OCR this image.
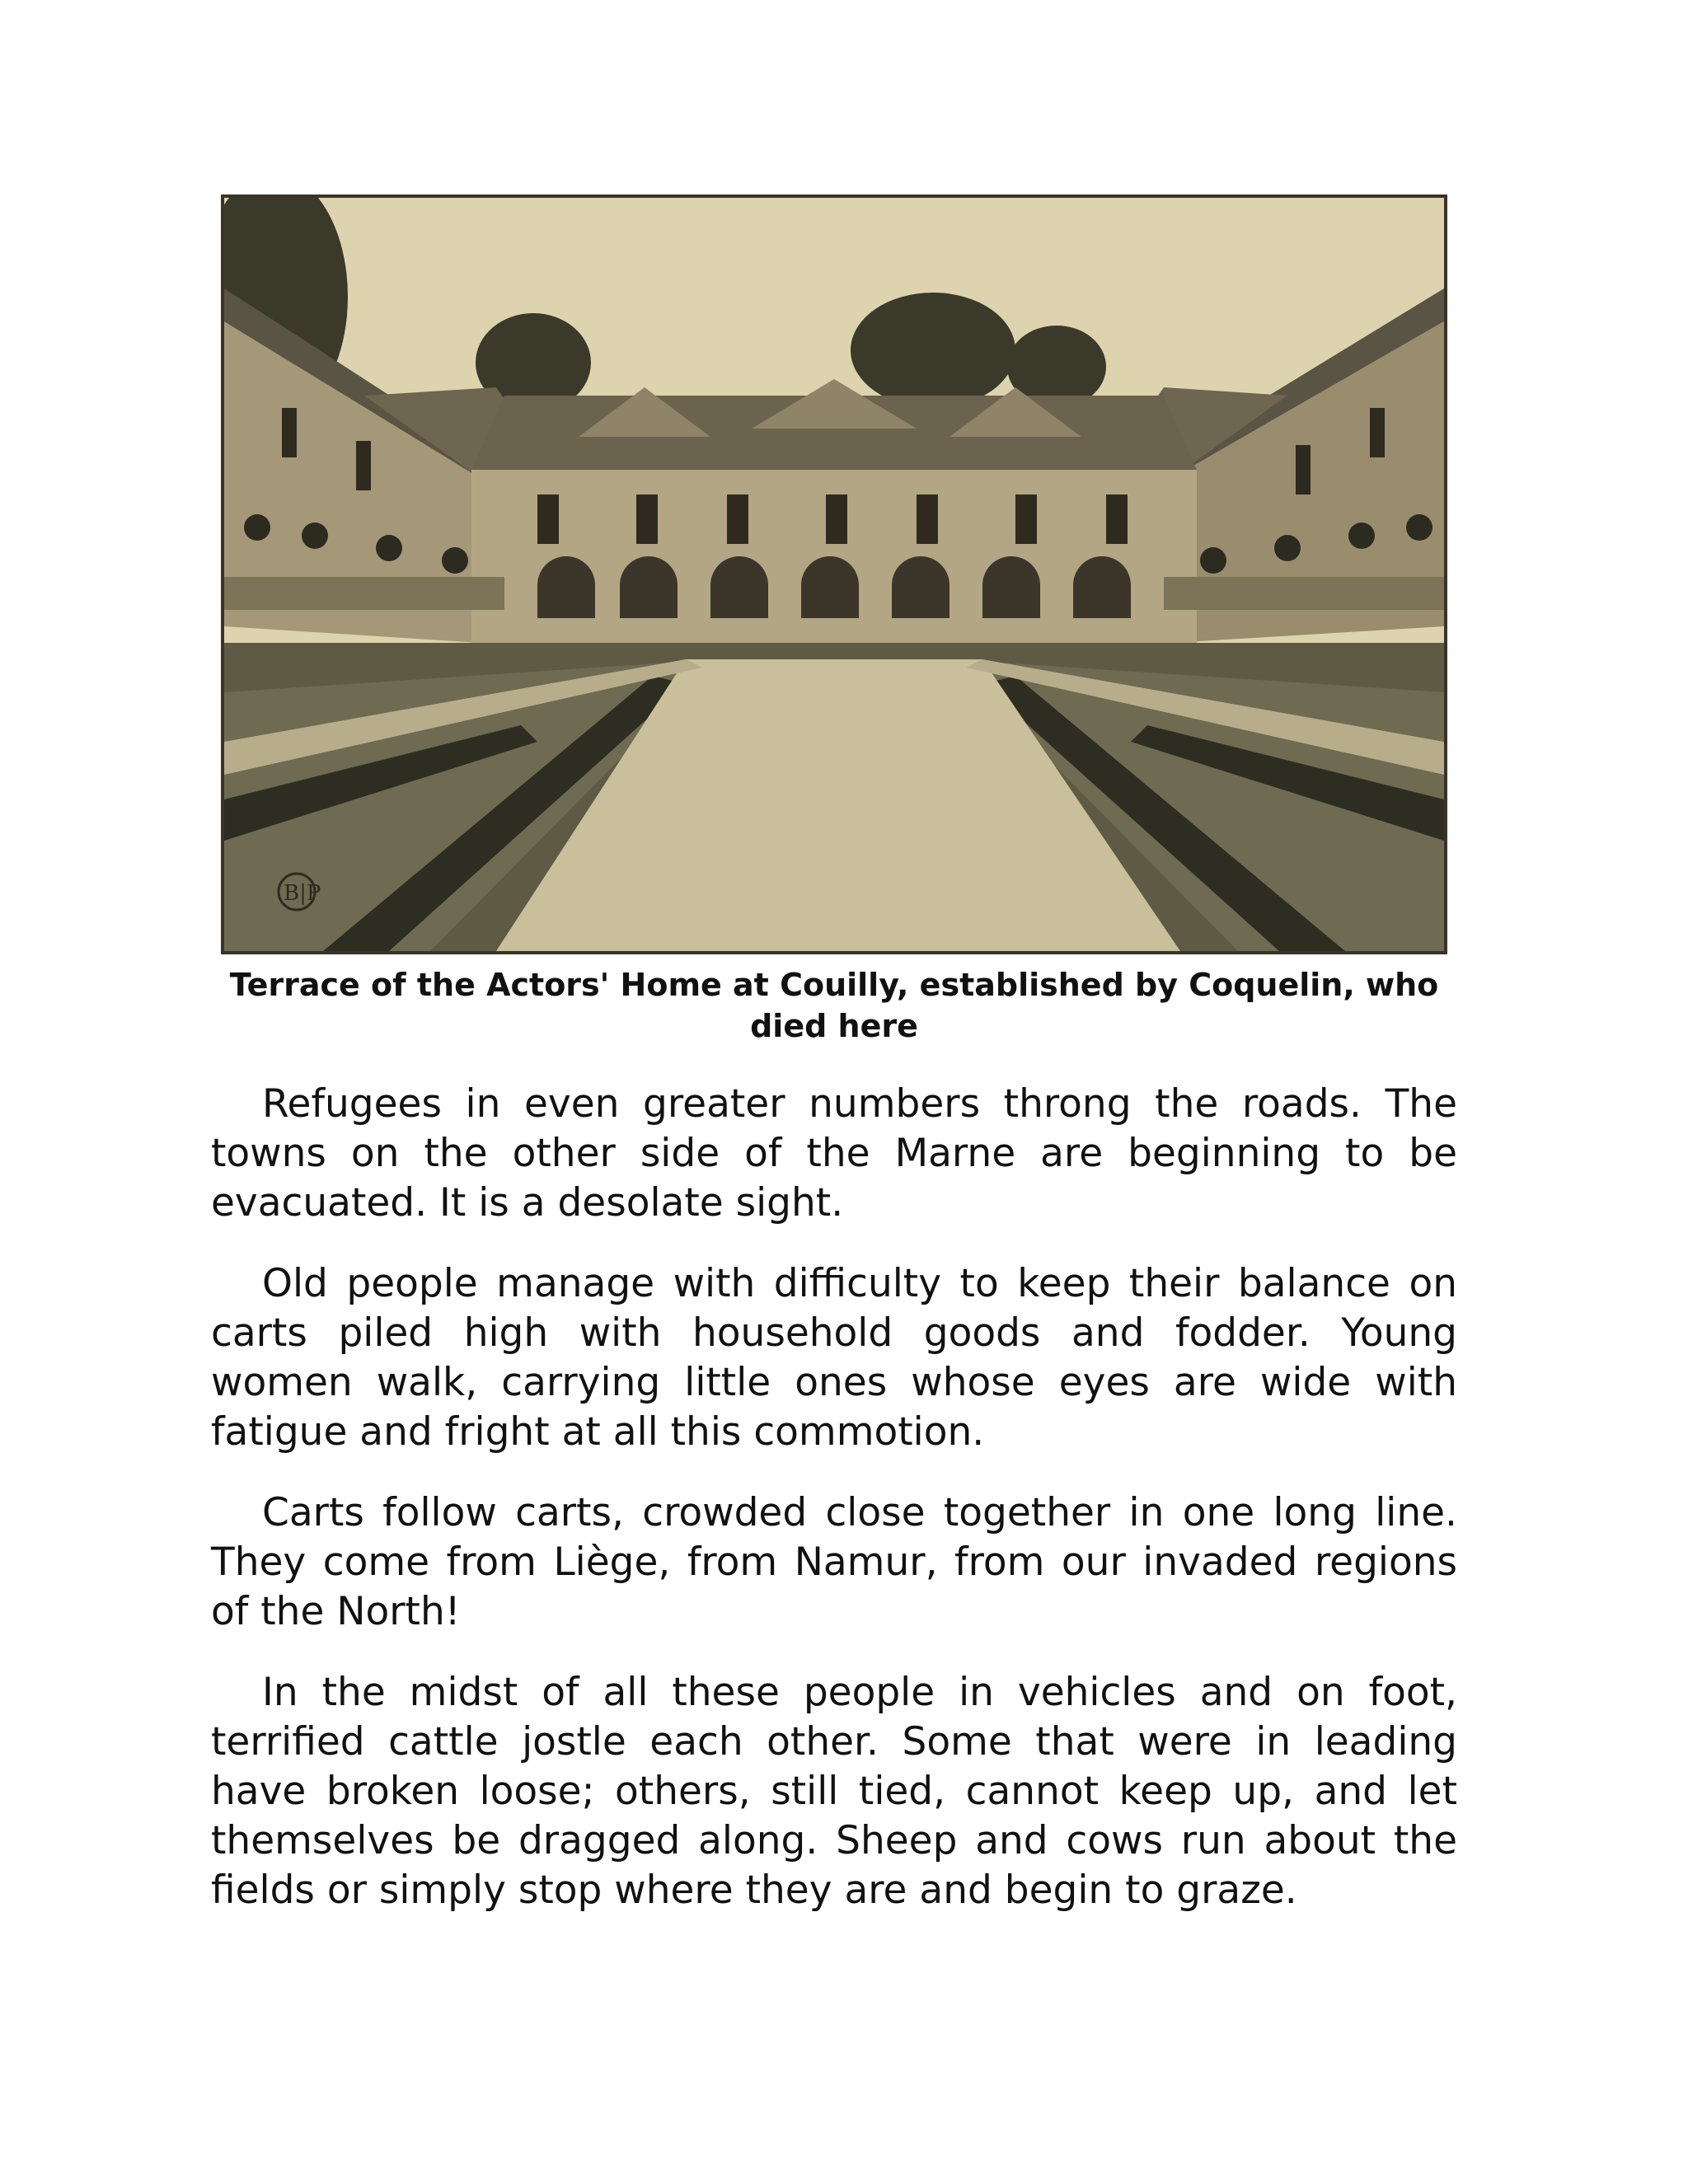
B|P
Terrace of the Actors' Home at Couilly, established by Coquelin, who died here

Refugees in even greater numbers throng the roads. The towns on the other side of the Marne are beginning to be evacuated. It is a desolate sight.

Old people manage with difficulty to keep their balance on carts piled high with household goods and fodder. Young women walk, carrying little ones whose eyes are wide with fatigue and fright at all this commotion.

Carts follow carts, crowded close together in one long line. They come from Liège, from Namur, from our invaded regions of the North!

In the midst of all these people in vehicles and on foot, terrified cattle jostle each other. Some that were in leading have broken loose; others, still tied, cannot keep up, and let themselves be dragged along. Sheep and cows run about the fields or simply stop where they are and begin to graze.
